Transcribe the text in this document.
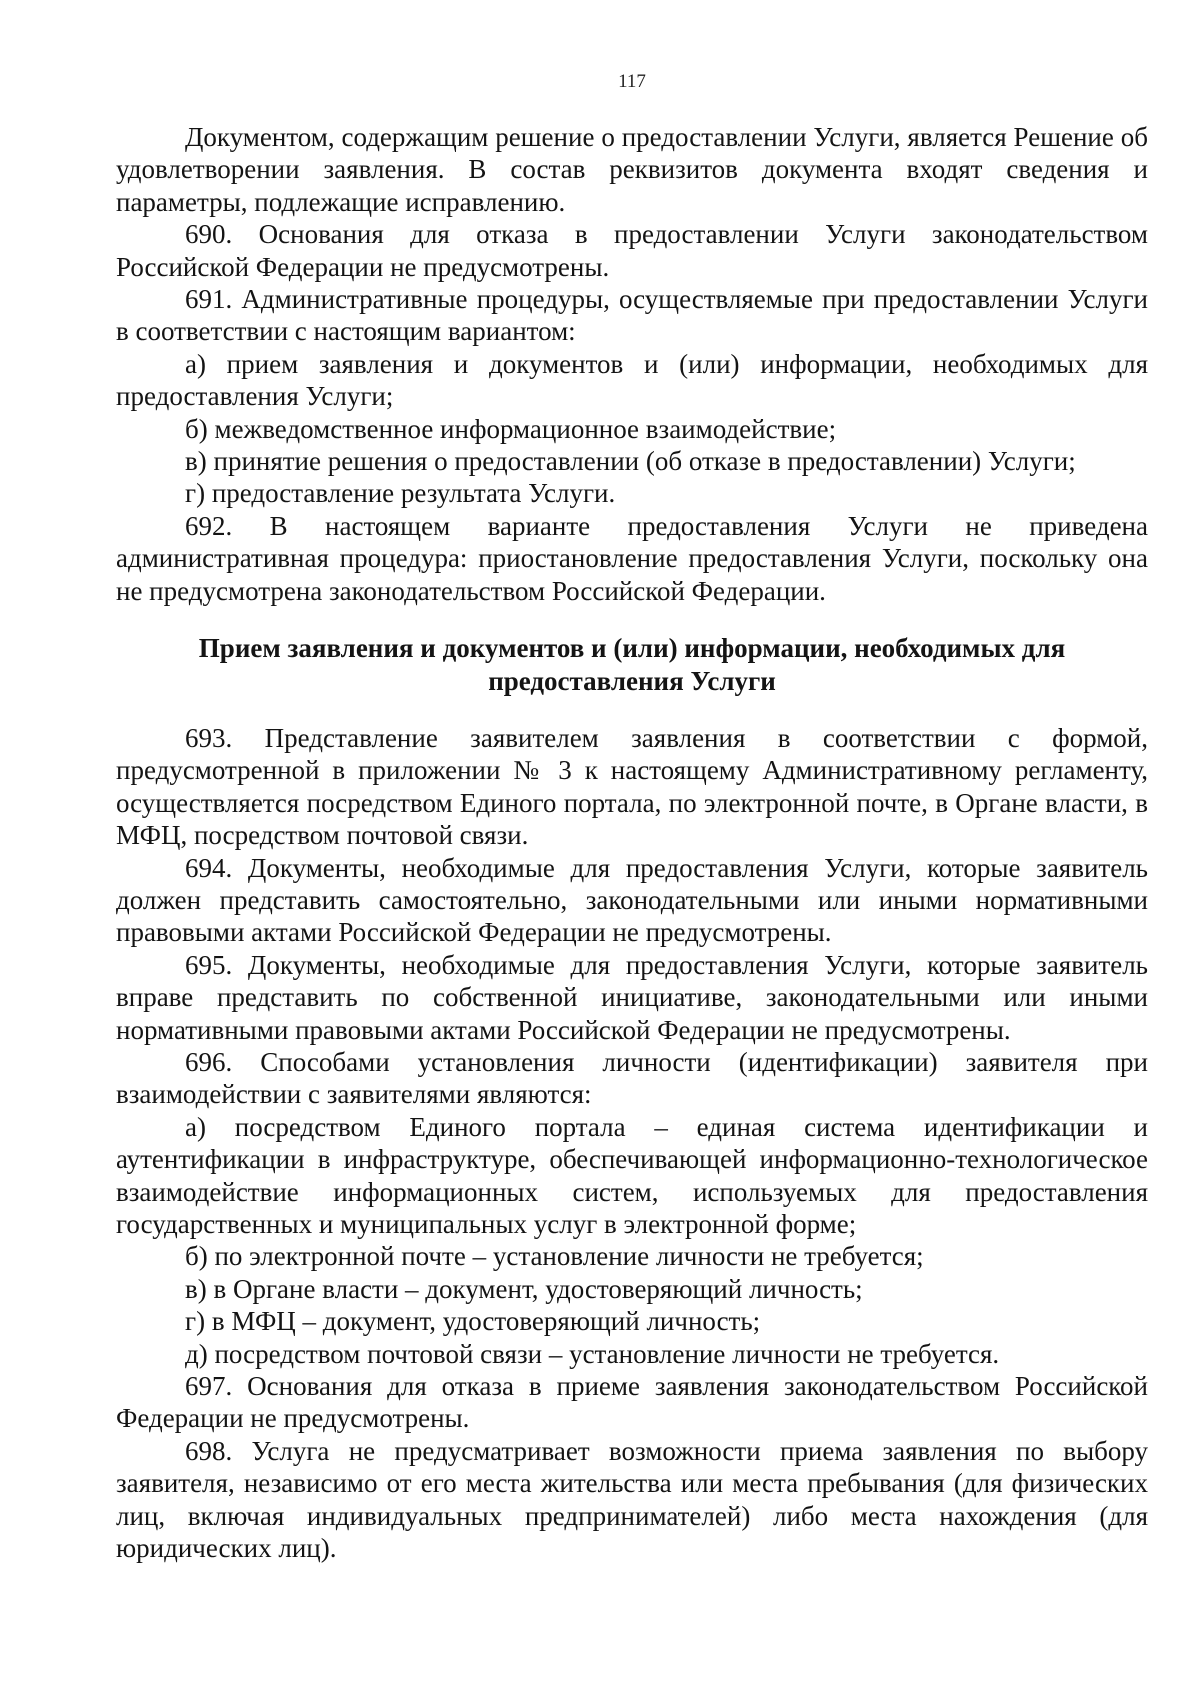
117

Документом, содержащим решение о предоставлении Услуги, является Решение об удовлетворении заявления. В состав реквизитов документа входят сведения и параметры, подлежащие исправлению.

690. Основания для отказа в предоставлении Услуги законодательством Российской Федерации не предусмотрены.

691. Административные процедуры, осуществляемые при предоставлении Услуги в соответствии с настоящим вариантом:

а) прием заявления и документов и (или) информации, необходимых для предоставления Услуги;

б) межведомственное информационное взаимодействие;

в) принятие решения о предоставлении (об отказе в предоставлении) Услуги;

г) предоставление результата Услуги.

692. В настоящем варианте предоставления Услуги не приведена административная процедура: приостановление предоставления Услуги, поскольку она не предусмотрена законодательством Российской Федерации.

Прием заявления и документов и (или) информации, необходимых для предоставления Услуги

693. Представление заявителем заявления в соответствии с формой, предусмотренной в приложении № 3 к настоящему Административному регламенту, осуществляется посредством Единого портала, по электронной почте, в Органе власти, в МФЦ, посредством почтовой связи.

694. Документы, необходимые для предоставления Услуги, которые заявитель должен представить самостоятельно, законодательными или иными нормативными правовыми актами Российской Федерации не предусмотрены.

695. Документы, необходимые для предоставления Услуги, которые заявитель вправе представить по собственной инициативе, законодательными или иными нормативными правовыми актами Российской Федерации не предусмотрены.

696. Способами установления личности (идентификации) заявителя при взаимодействии с заявителями являются:

а) посредством Единого портала – единая система идентификации и аутентификации в инфраструктуре, обеспечивающей информационно-технологическое взаимодействие информационных систем, используемых для предоставления государственных и муниципальных услуг в электронной форме;

б) по электронной почте – установление личности не требуется;

в) в Органе власти – документ, удостоверяющий личность;

г) в МФЦ – документ, удостоверяющий личность;

д) посредством почтовой связи – установление личности не требуется.

697. Основания для отказа в приеме заявления законодательством Российской Федерации не предусмотрены.

698. Услуга не предусматривает возможности приема заявления по выбору заявителя, независимо от его места жительства или места пребывания (для физических лиц, включая индивидуальных предпринимателей) либо места нахождения (для юридических лиц).
